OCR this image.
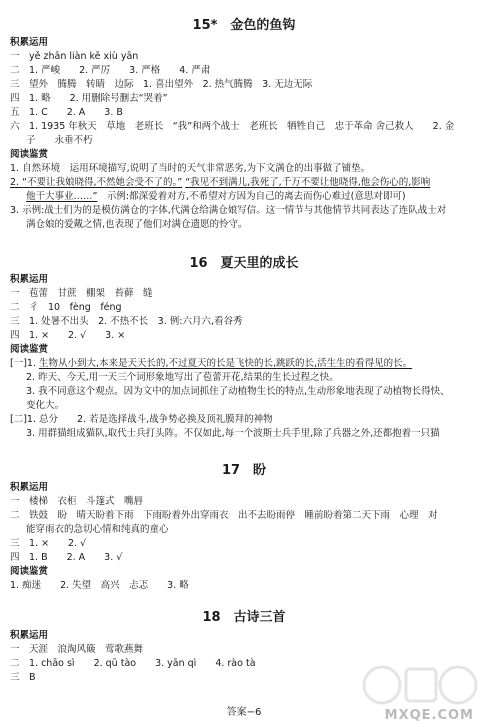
15*　金色的鱼钩
积累运用
一　yě zhān liàn kě xiù yān
二　1. 严峻　　2. 严厉　　3. 严格　　4. 严肃
三　望外　腾腾　转睛　边际　1. 喜出望外　2. 热气腾腾　3. 无边无际
四　1. 略　　2. 用删除号删去“哭着”
五　1. C　　2. A　　3. B
六　1. 1935 年秋天　草地　老班长　“我”和两个战士　老班长　牺牲自己　忠于革命 舍己救人　　2. 金
子　　永垂不朽
阅读鉴赏
1. 自然环境　运用环境描写,说明了当时的天气非常恶劣,为下文满仓的出事做了铺垫。
2. “不要让我娘晓得,不然她会受不了的。” “我见不到满儿,我死了,千万不要让他晓得,他会伤心的,影响
他干大事业……”　示例:都深爱着对方,不希望对方因为自己的离去而伤心难过(意思对即可)
3. 示例:战士们为的是模仿满仓的字体,代满仓给满仓娘写信。这一情节与其他情节共同表达了连队战士对
满仓娘的爱戴之情,也表现了他们对满仓遗愿的怜守。
16　夏天里的成长
积累运用
一　苞蕾　甘蔗　棚架　苔藓　缝
二　彳　10　fèng　féng
三　1. 处暑不出头　2. 不热不长　3. 例:六月六,看谷秀
四　1. ×　　2. √　　3. ×
阅读鉴赏
[一]1. 生物从小到大,本来是天天长的,不过夏天的长是飞快的长,跳跃的长,活生生的看得见的长。
2. 昨天、今天,用一天三个词形象地写出了苞蕾开花,结果的生长过程之快。
3. 我不同意这个观点。因为文中的加点词抓住了动植物生长的特点,生动形象地表现了动植物长得快、
变化大。
[二]1. 总分　　2. 若是选择战斗,战争势必换及顶礼膜拜的神物
3. 用群猫组成猫队,取代士兵打头阵。不仅如此,每一个波斯士兵手里,除了兵器之外,还都抱着一只猫
17　盼
积累运用
一　楼梯　衣柜　斗篷式　嘴唇
二　铁鼓　盼　晴天盼着下雨　下雨盼着外出穿雨衣　出不去盼雨停　睡前盼着第二天下雨　心理　对
能穿雨衣的急切心情和纯真的童心
三　1. ×　　2. √
四　1. B　　2. A　　3. √
阅读鉴赏
1. 痴迷　　2. 失望　高兴　忐忑　　3. 略
18　古诗三首
积累运用
一　天涯　浪淘风簸　莺歌燕舞
二　1. chāo sì　　2. qū tào　　3. yān qì　　4. rào tà
三　B
MXQE.COM
答案−6
